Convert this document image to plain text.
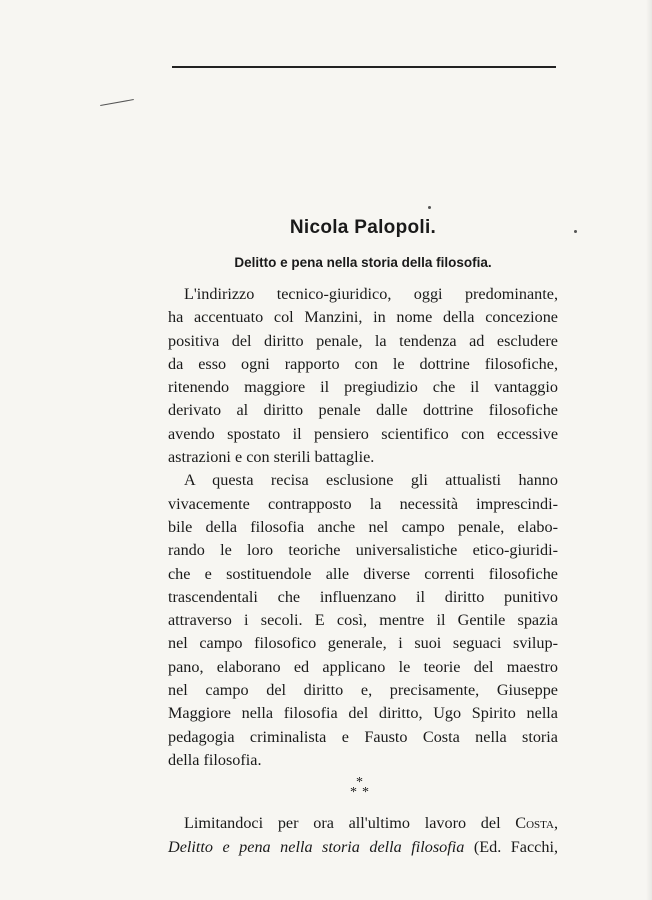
Nicola Palopoli.
Delitto e pena nella storia della filosofia.
L'indirizzo tecnico-giuridico, oggi predominante,
ha accentuato col Manzini, in nome della concezione
positiva del diritto penale, la tendenza ad escludere
da esso ogni rapporto con le dottrine filosofiche,
ritenendo maggiore il pregiudizio che il vantaggio
derivato al diritto penale dalle dottrine filosofiche
avendo spostato il pensiero scientifico con eccessive
astrazioni e con sterili battaglie.
A questa recisa esclusione gli attualisti hanno
vivacemente contrapposto la necessità imprescindi-
bile della filosofia anche nel campo penale, elabo-
rando le loro teoriche universalistiche etico-giuridi-
che e sostituendole alle diverse correnti filosofiche
trascendentali che influenzano il diritto punitivo
attraverso i secoli. E così, mentre il Gentile spazia
nel campo filosofico generale, i suoi seguaci svilup-
pano, elaborano ed applicano le teorie del maestro
nel campo del diritto e, precisamente, Giuseppe
Maggiore nella filosofia del diritto, Ugo Spirito nella
pedagogia criminalista e Fausto Costa nella storia
della filosofia.
*
* *
Limitandoci per ora all'ultimo lavoro del Costa,
Delitto e pena nella storia della filosofia (Ed. Facchi,
